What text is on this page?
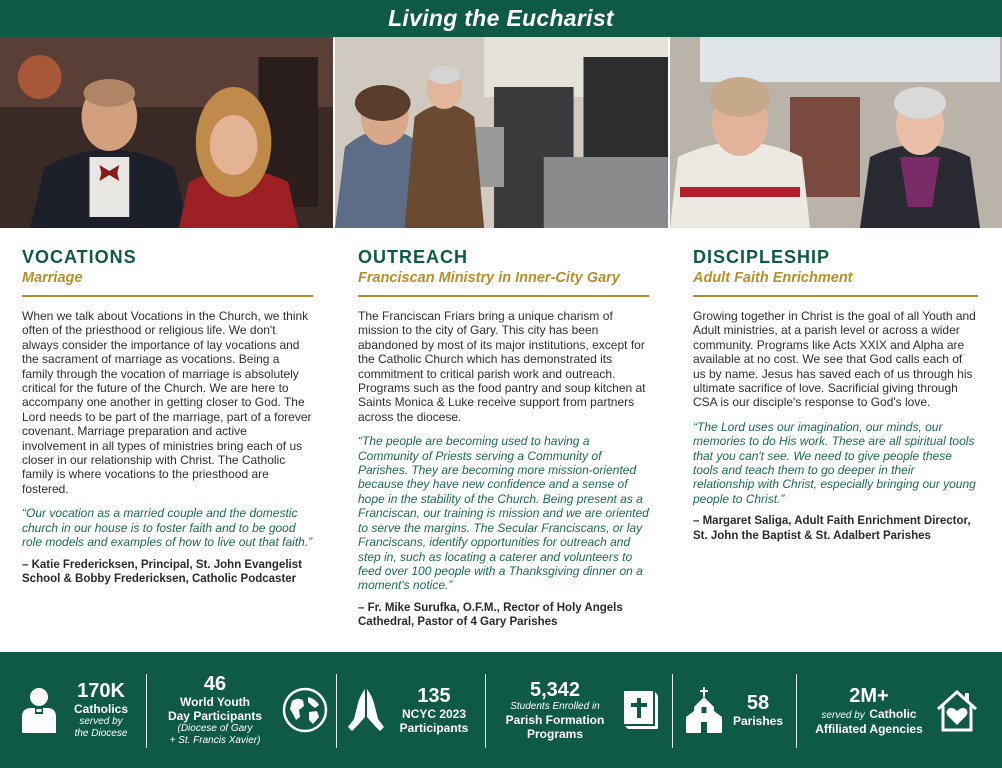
Living the Eucharist
VOCATIONS
Marriage

When we talk about Vocations in the Church, we think often of the priesthood or religious life. We don't always consider the importance of lay vocations and the sacrament of marriage as vocations. Being a family through the vocation of marriage is absolutely critical for the future of the Church. We are here to accompany one another in getting closer to God. The Lord needs to be part of the marriage, part of a forever covenant. Marriage preparation and active involvement in all types of ministries bring each of us closer in our relationship with Christ. The Catholic family is where vocations to the priesthood are fostered.

“Our vocation as a married couple and the domestic church in our house is to foster faith and to be good role models and examples of how to live out that faith.”

– Katie Fredericksen, Principal, St. John Evangelist School & Bobby Fredericksen, Catholic Podcaster

OUTREACH
Franciscan Ministry in Inner-City Gary

The Franciscan Friars bring a unique charism of mission to the city of Gary. This city has been abandoned by most of its major institutions, except for the Catholic Church which has demonstrated its commitment to critical parish work and outreach. Programs such as the food pantry and soup kitchen at Saints Monica & Luke receive support from partners across the diocese.

“The people are becoming used to having a Community of Priests serving a Community of Parishes. They are becoming more mission-oriented because they have new confidence and a sense of hope in the stability of the Church. Being present as a Franciscan, our training is mission and we are oriented to serve the margins. The Secular Franciscans, or lay Franciscans, identify opportunities for outreach and step in, such as locating a caterer and volunteers to feed over 100 people with a Thanksgiving dinner on a moment's notice.”

– Fr. Mike Surufka, O.F.M., Rector of Holy Angels Cathedral, Pastor of 4 Gary Parishes

DISCIPLESHIP
Adult Faith Enrichment

Growing together in Christ is the goal of all Youth and Adult ministries, at a parish level or across a wider community. Programs like Acts XXIX and Alpha are available at no cost. We see that God calls each of us by name. Jesus has saved each of us through his ultimate sacrifice of love. Sacrificial giving through CSA is our disciple's response to God's love.

“The Lord uses our imagination, our minds, our memories to do His work. These are all spiritual tools that you can't see. We need to give people these tools and teach them to go deeper in their relationship with Christ, especially bringing our young people to Christ.”

– Margaret Saliga, Adult Faith Enrichment Director, St. John the Baptist & St. Adalbert Parishes

170K
Catholics
served by
the Diocese
46
World Youth
Day Participants
(Diocese of Gary
+ St. Francis Xavier)
135
NCYC 2023
Participants
5,342
Students Enrolled in
Parish Formation
Programs
58
Parishes
2M+
served by Catholic
Affiliated Agencies
